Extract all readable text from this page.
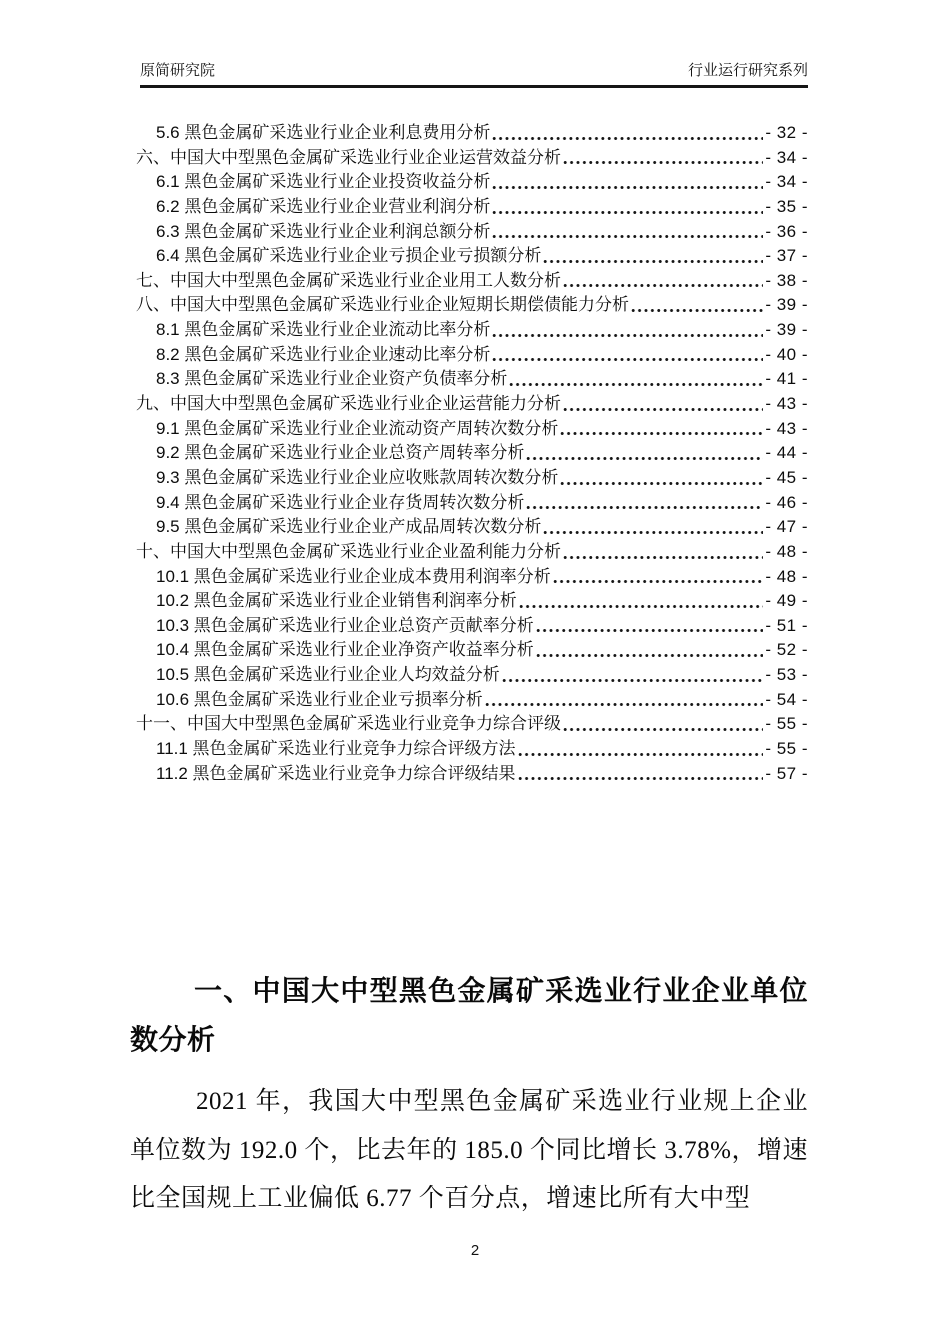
原简研究院	行业运行研究系列
5.6 黑色金属矿采选业行业企业利息费用分析	- 32 -
六、中国大中型黑色金属矿采选业行业企业运营效益分析	- 34 -
6.1 黑色金属矿采选业行业企业投资收益分析	- 34 -
6.2 黑色金属矿采选业行业企业营业利润分析	- 35 -
6.3 黑色金属矿采选业行业企业利润总额分析	- 36 -
6.4 黑色金属矿采选业行业企业亏损企业亏损额分析	- 37 -
七、中国大中型黑色金属矿采选业行业企业用工人数分析	- 38 -
八、中国大中型黑色金属矿采选业行业企业短期长期偿债能力分析	- 39 -
8.1 黑色金属矿采选业行业企业流动比率分析	- 39 -
8.2 黑色金属矿采选业行业企业速动比率分析	- 40 -
8.3 黑色金属矿采选业行业企业资产负债率分析	- 41 -
九、中国大中型黑色金属矿采选业行业企业运营能力分析	- 43 -
9.1 黑色金属矿采选业行业企业流动资产周转次数分析	- 43 -
9.2 黑色金属矿采选业行业企业总资产周转率分析	- 44 -
9.3 黑色金属矿采选业行业企业应收账款周转次数分析	- 45 -
9.4 黑色金属矿采选业行业企业存货周转次数分析	- 46 -
9.5 黑色金属矿采选业行业企业产成品周转次数分析	- 47 -
十、中国大中型黑色金属矿采选业行业企业盈利能力分析	- 48 -
10.1 黑色金属矿采选业行业企业成本费用利润率分析	- 48 -
10.2 黑色金属矿采选业行业企业销售利润率分析	- 49 -
10.3 黑色金属矿采选业行业企业总资产贡献率分析	- 51 -
10.4 黑色金属矿采选业行业企业净资产收益率分析	- 52 -
10.5 黑色金属矿采选业行业企业人均效益分析	- 53 -
10.6 黑色金属矿采选业行业企业亏损率分析	- 54 -
十一、中国大中型黑色金属矿采选业行业竞争力综合评级	- 55 -
11.1 黑色金属矿采选业行业竞争力综合评级方法	- 55 -
11.2 黑色金属矿采选业行业竞争力综合评级结果	- 57 -
一、中国大中型黑色金属矿采选业行业企业单位数分析

2021 年，我国大中型黑色金属矿采选业行业规上企业单位数为 192.0 个，比去年的 185.0 个同比增长 3.78%，增速比全国规上工业偏低 6.77 个百分点，增速比所有大中型

2
